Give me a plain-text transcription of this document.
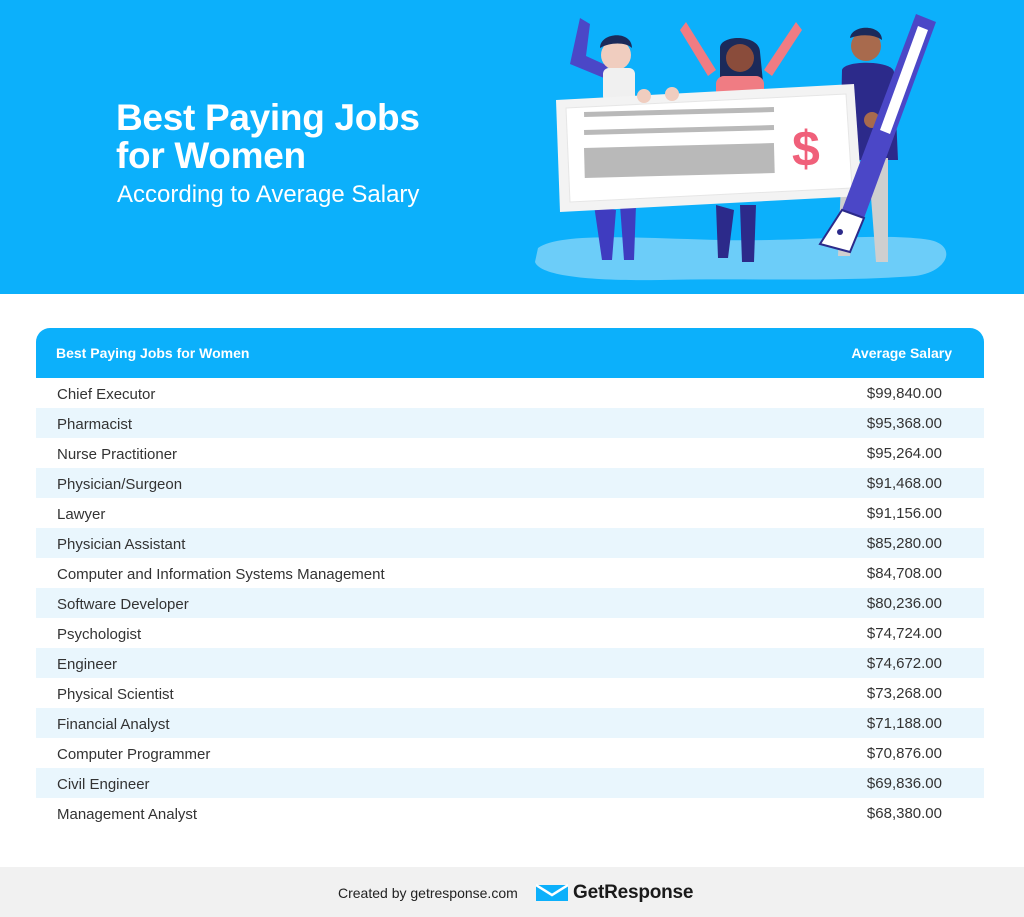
Best Paying Jobs for Women
According to Average Salary
$
Best Paying Jobs for Women	Average Salary
Chief Executor	$99,840.00
Pharmacist	$95,368.00
Nurse Practitioner	$95,264.00
Physician/Surgeon	$91,468.00
Lawyer	$91,156.00
Physician Assistant	$85,280.00
Computer and Information Systems Management	$84,708.00
Software Developer	$80,236.00
Psychologist	$74,724.00
Engineer	$74,672.00
Physical Scientist	$73,268.00
Financial Analyst	$71,188.00
Computer Programmer	$70,876.00
Civil Engineer	$69,836.00
Management Analyst	$68,380.00
Created by getresponse.com	GetResponse
